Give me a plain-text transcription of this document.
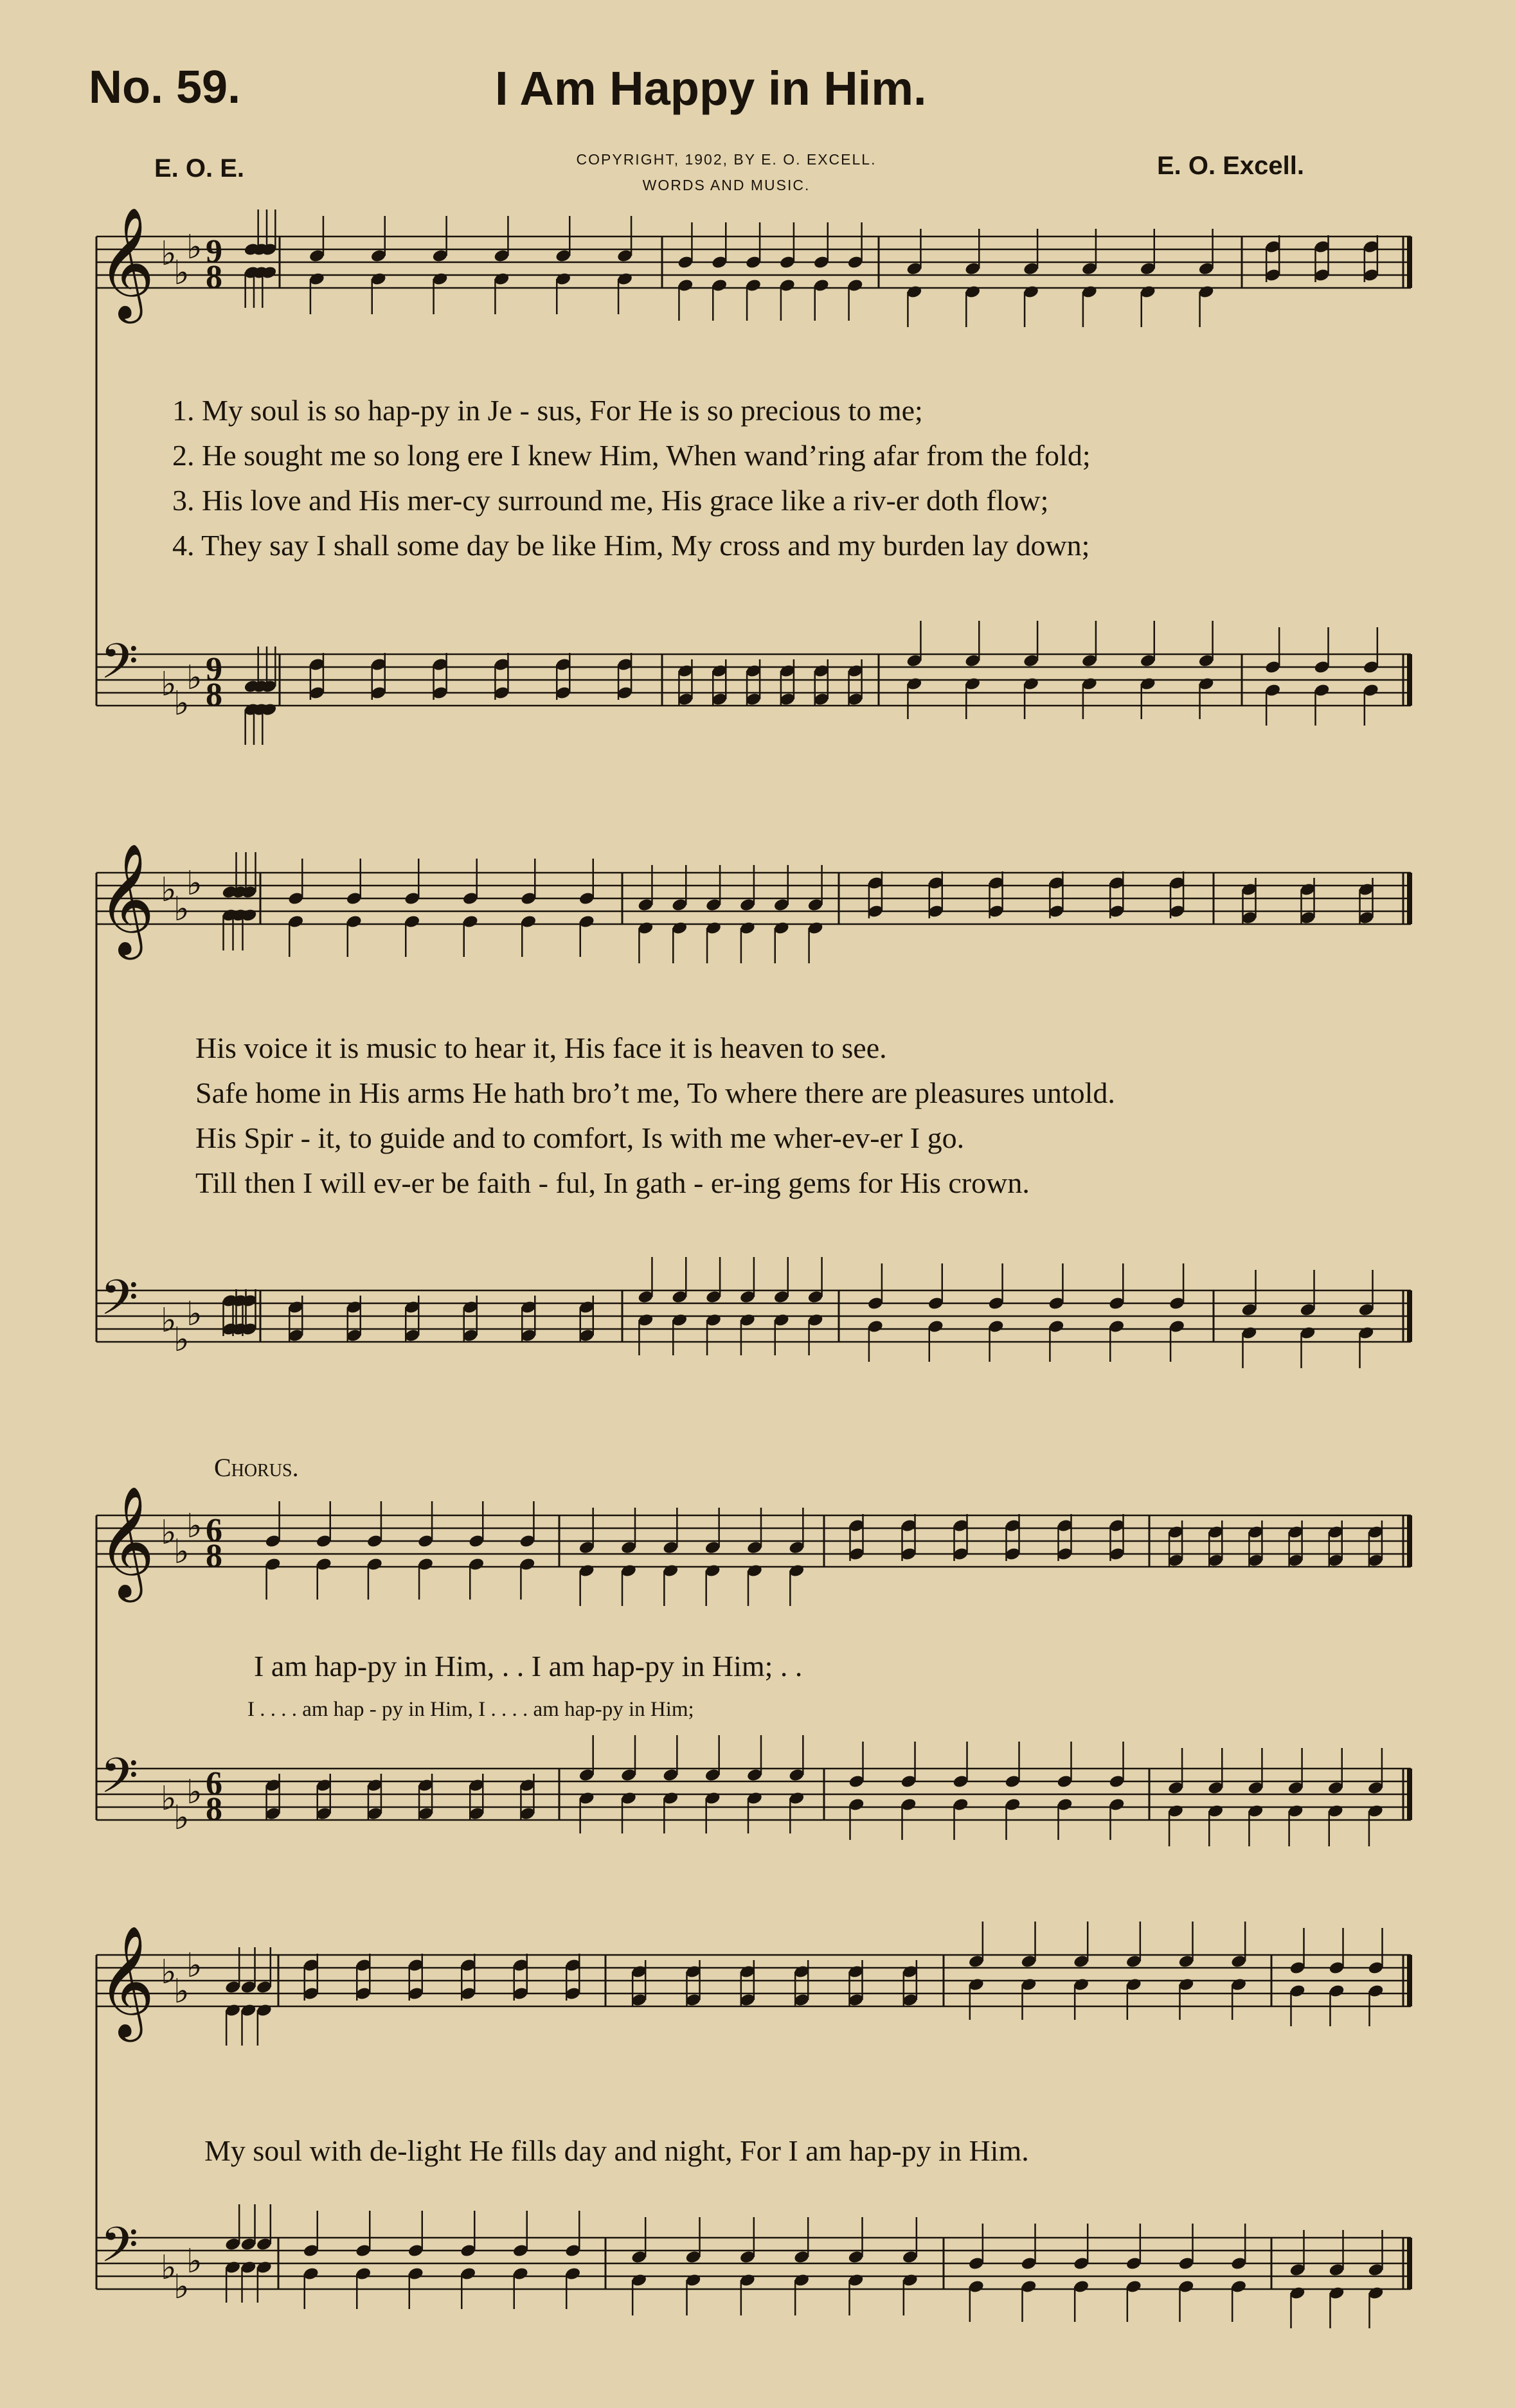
No. 59.	I Am Happy in Him.
E. O. E.	COPYRIGHT, 1902, BY E. O. EXCELL.
WORDS AND MUSIC.
E. O. Excell.
𝄞
𝄢
♭
♭
♭
♭
♭
♭
9
8
9
8
𝄞
𝄢
♭
♭
♭
♭
♭
♭
𝄞
𝄢
♭
♭
♭
♭
♭
♭
6
8
6
8
𝄞
𝄢
♭
♭
♭
♭
♭
♭
1. My soul is so hap-py in Je - sus, For He is so precious to me;
2. He sought me so long ere I knew Him, When wand’ring afar from the fold;
3. His love and His mer-cy surround me, His grace like a riv-er doth flow;
4. They say I shall some day be like Him, My cross and my burden lay down;
His voice it is music to hear it, His face it is heaven to see.
Safe home in His arms He hath bro’t me, To where there are pleasures untold.
His Spir - it, to guide and to comfort, Is with me wher-ev-er I go.
Till then I will ev-er be faith - ful, In gath - er-ing gems for His crown.
Chorus.
I am hap-py in Him, . . I am hap-py in Him; . .
I . . . . am hap - py in Him, I . . . . am hap-py in Him;
My soul with de-light He fills day and night, For I am hap-py in Him.
